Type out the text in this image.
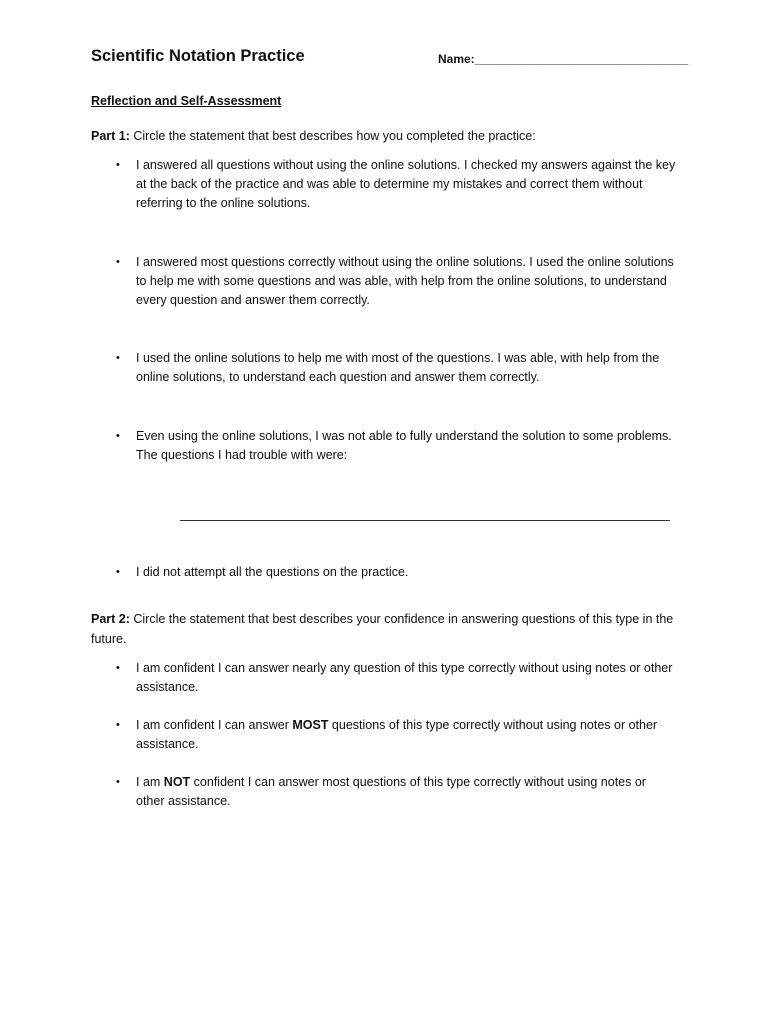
Scientific Notation Practice	Name:________________________________
Reflection and Self-Assessment
Part 1: Circle the statement that best describes how you completed the practice:
•	I answered all questions without using the online solutions. I checked my answers against the key at the back of the practice and was able to determine my mistakes and correct them without referring to the online solutions.
•	I answered most questions correctly without using the online solutions. I used the online solutions to help me with some questions and was able, with help from the online solutions, to understand every question and answer them correctly.
•	I used the online solutions to help me with most of the questions. I was able, with help from the online solutions, to understand each question and answer them correctly.
•	Even using the online solutions, I was not able to fully understand the solution to some problems. The questions I had trouble with were:
•	I did not attempt all the questions on the practice.
Part 2: Circle the statement that best describes your confidence in answering questions of this type in the future.
•	I am confident I can answer nearly any question of this type correctly without using notes or other assistance.
•	I am confident I can answer MOST questions of this type correctly without using notes or other assistance.
•	I am NOT confident I can answer most questions of this type correctly without using notes or other assistance.
